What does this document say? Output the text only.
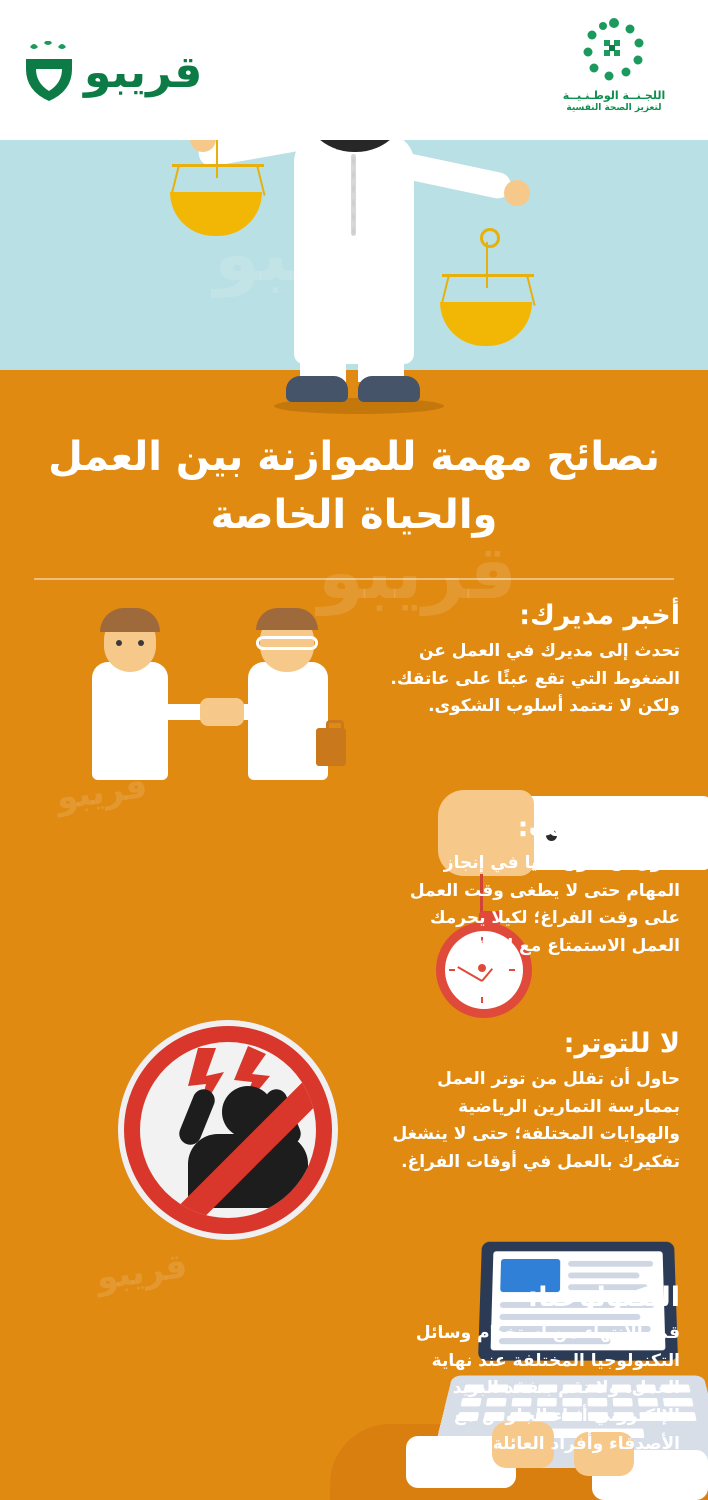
اللجـنــة الوطـنـيــة
لتعزيز الصحة النفسية
قريبو
قريبو
قريبو
قريبو
نصائح مهمة للموازنة بين العمل والحياة الخاصة
أخبر مديرك:

تحدث إلى مديرك في العمل عن الضغوط التي تقع عبئًا على عاتقك. ولكن لا تعتمد أسلوب الشكوى.

انتبه للوقت:

حاول أن تكون ذكيا في إنجاز المهام حتى لا يطغى وقت العمل على وقت الفراغ؛ لكيلا يحرمك العمل الاستمتاع مع العائلة.

لا للتوتر:

حاول أن تقلل من توتر العمل بممارسة التمارين الرياضية والهوايات المختلفة؛ حتى لا ينشغل تفكيرك بالعمل في أوقات الفراغ.

التكنولوجيا:

قم بالانتهاء من استخدام وسائل التكنولوجيا المختلفة عند نهاية العمل، ولا تقم بتفقد البريد الإلكتروني أثناء الجلوس مع الأصدقاء وأفراد العائلة.
